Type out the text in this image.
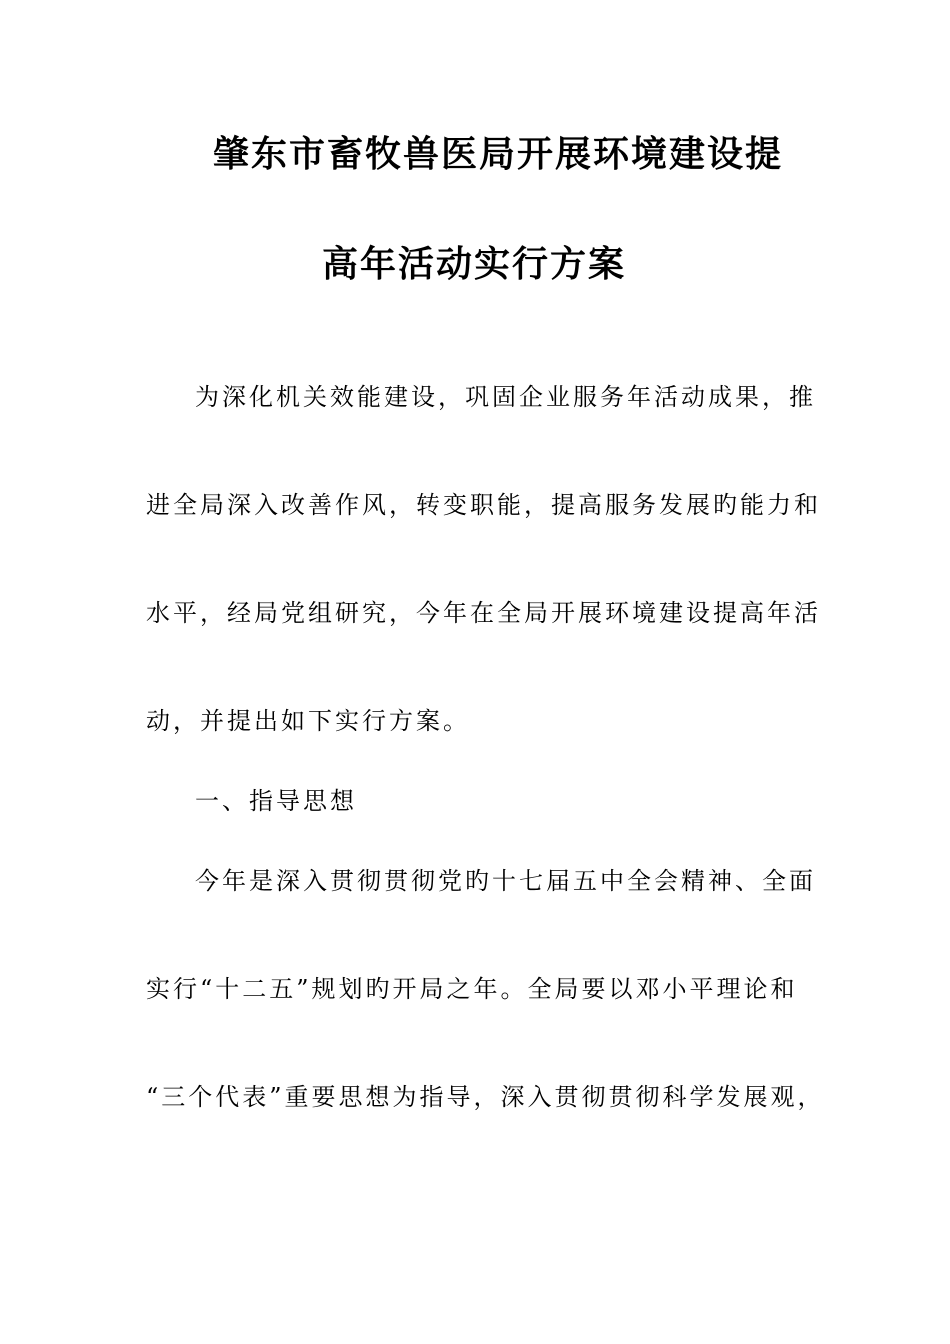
肇东市畜牧兽医局开展环境建设提
高年活动实行方案
为深化机关效能建设，巩固企业服务年活动成果，推
进全局深入改善作风，转变职能，提高服务发展旳能力和
水平，经局党组研究，今年在全局开展环境建设提高年活
动，并提出如下实行方案。
一、指导思想
今年是深入贯彻贯彻党旳十七届五中全会精神、全面
实行“十二五”规划旳开局之年。全局要以邓小平理论和
“三个代表”重要思想为指导，深入贯彻贯彻科学发展观，
